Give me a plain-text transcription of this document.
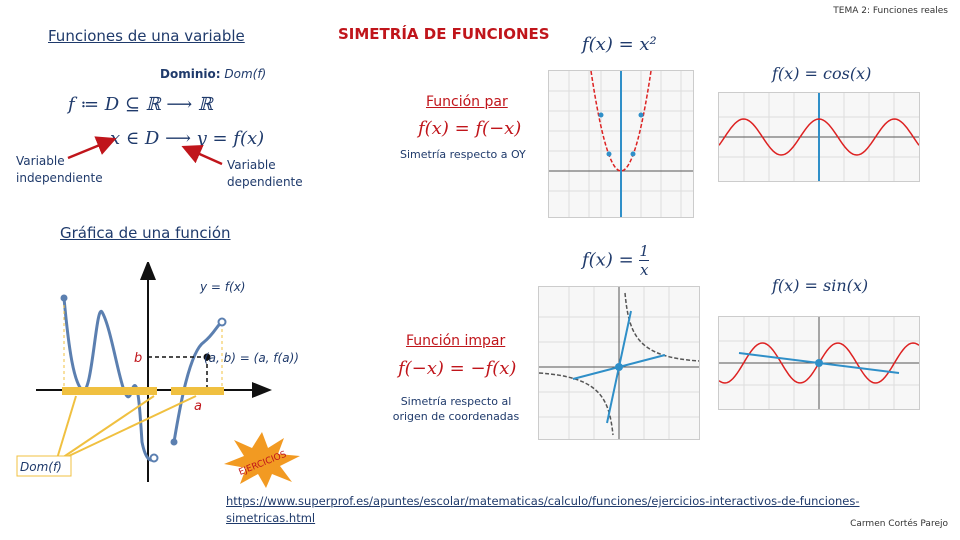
TEMA 2: Funciones reales
Funciones de una variable	SIMETRÍA DE FUNCIONES
Dominio: Dom(f)
f ≔ D ⊆ ℝ ⟶ ℝ
x ∈ D ⟶ y = f(x)
Variable
independiente
Variable
dependiente
Función par
f(x) = f(−x)
Simetría respecto a OY
f(x) = x²
f(x) = cos(x)
Gráfica de una función
y = f(x)
(a, b) = (a, f(a))
b
a
Dom(f)
$f(x) = \frac{1}{x}$
f(x) = sin(x)
Función impar
f(−x) = −f(x)
Simetría respecto al
origen de coordenadas
EJERCICIOS
https://www.superprof.es/apuntes/escolar/matematicas/calculo/funciones/ejercicios-interactivos-de-funciones-simetricas.html	Carmen Cortés Parejo
